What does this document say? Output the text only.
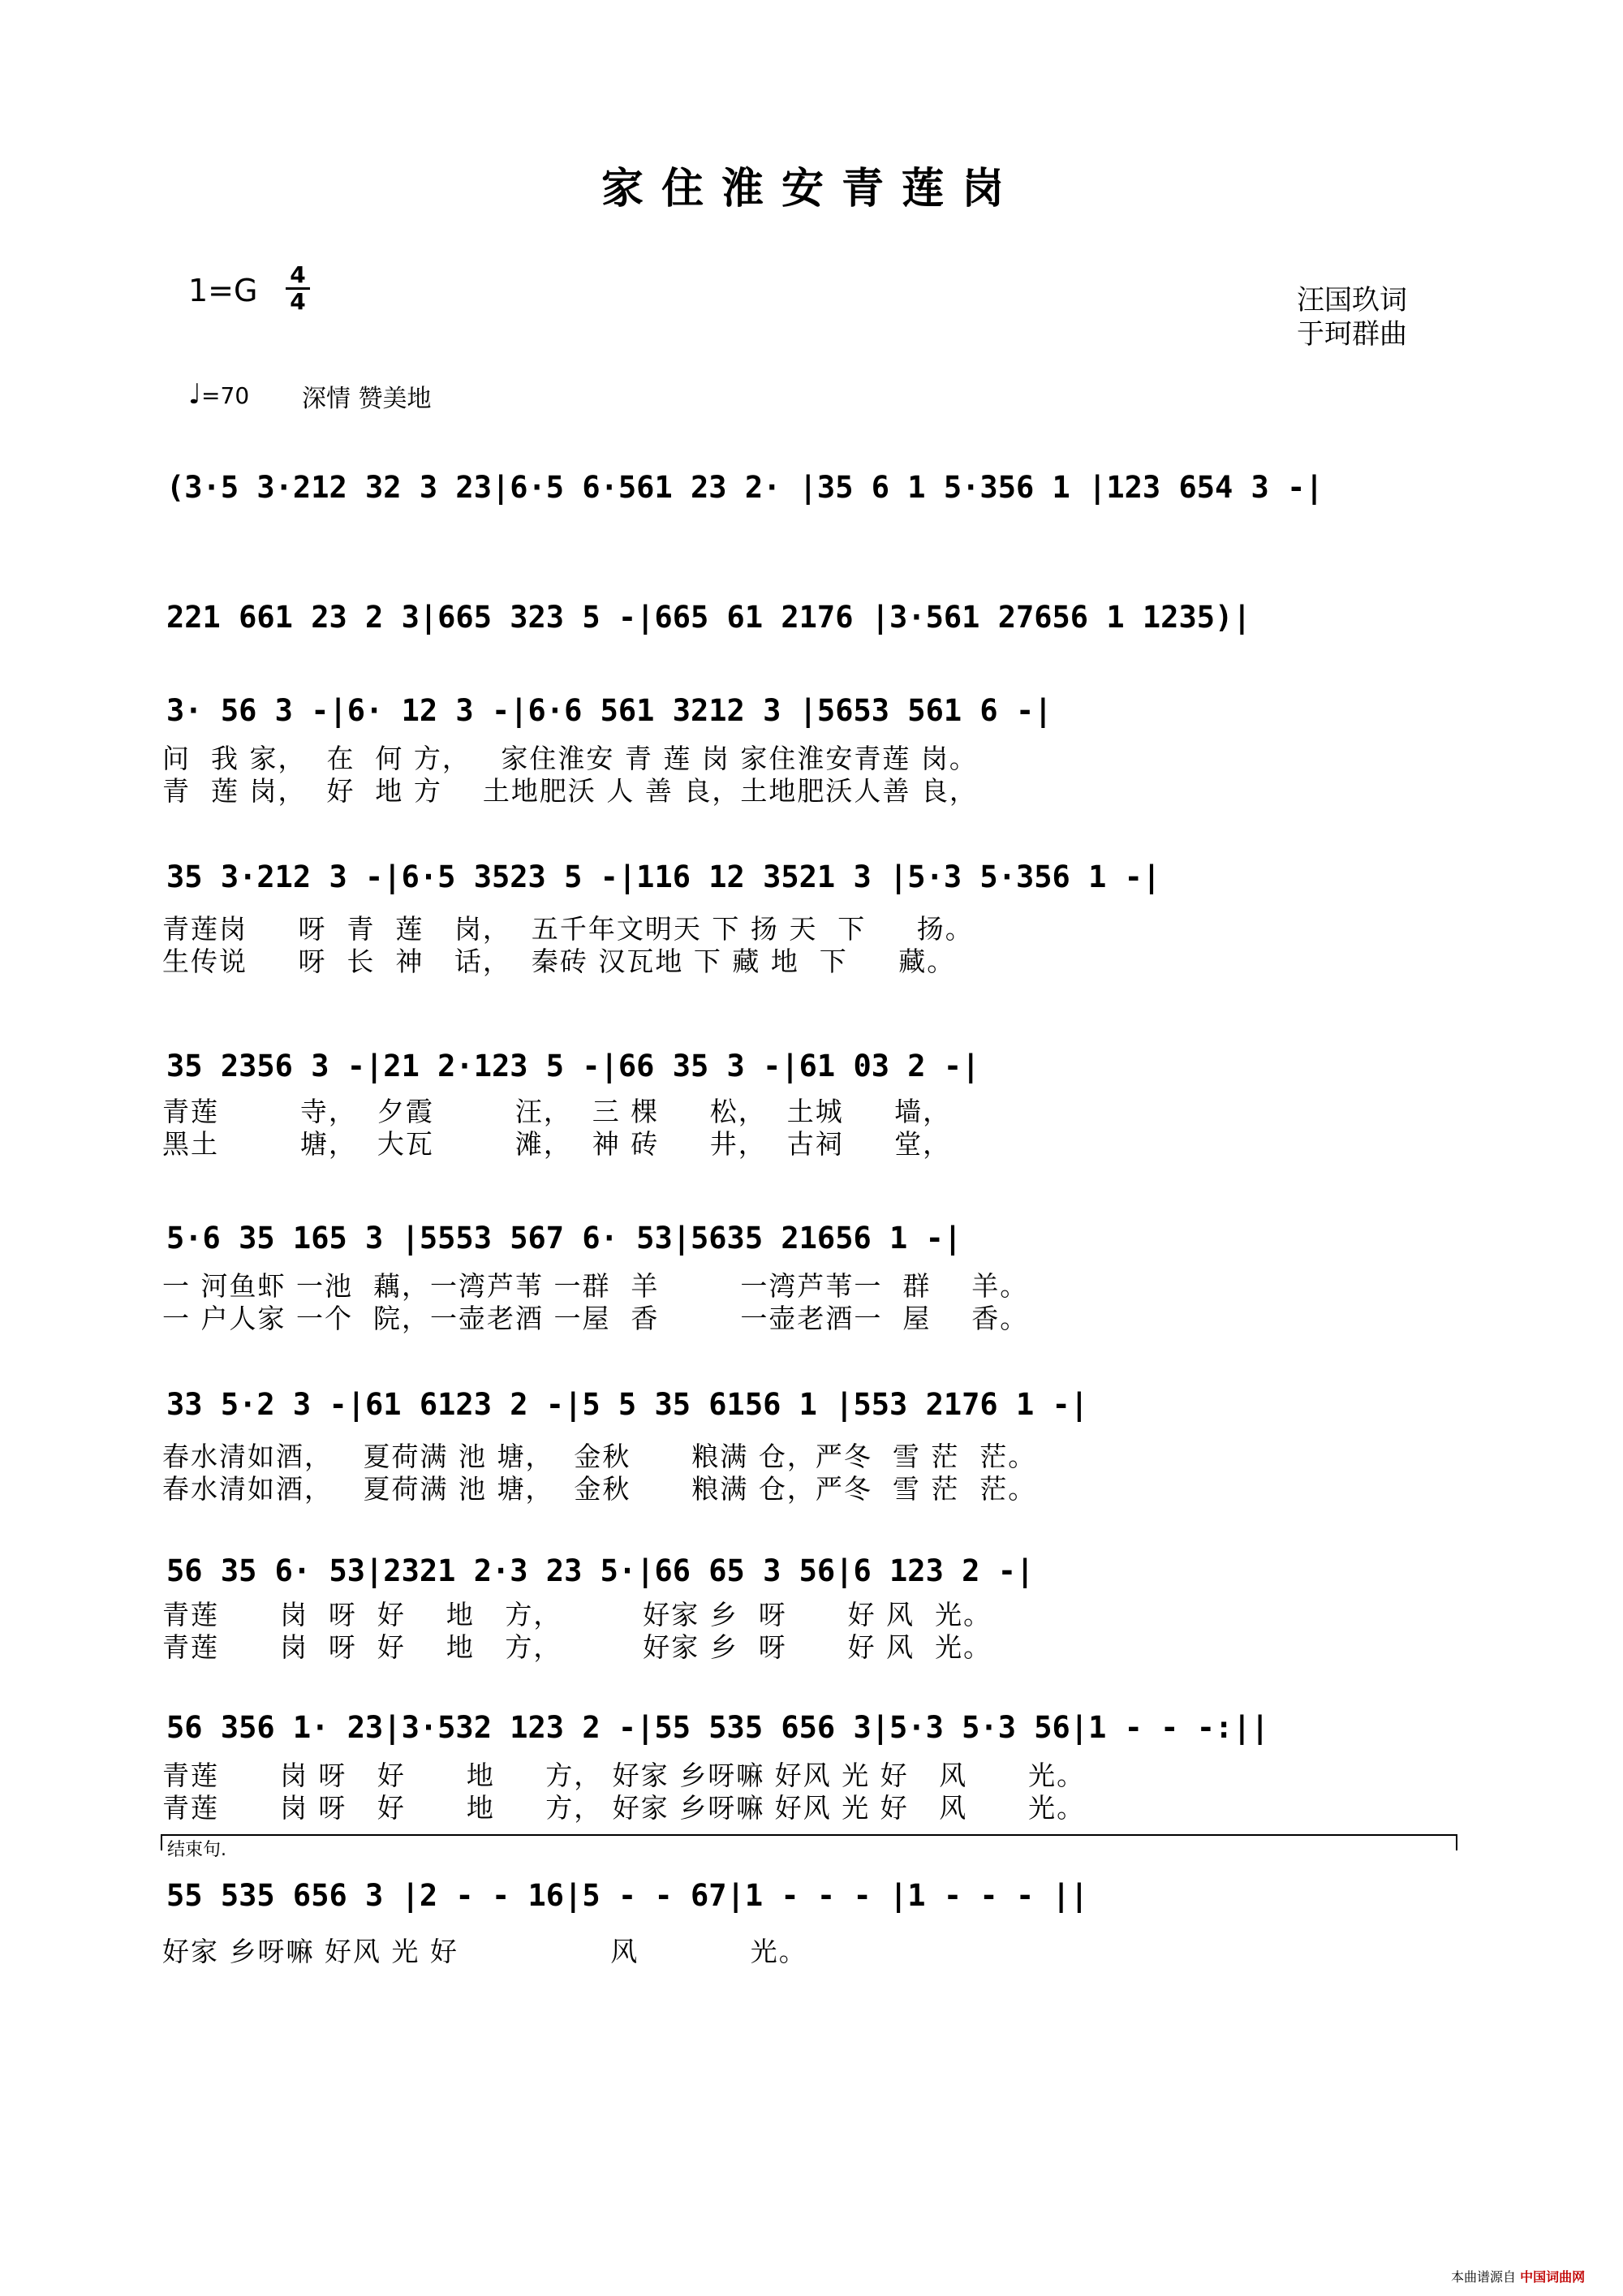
家住淮安青莲岗
1=G 4
4	汪国玖词
于珂群曲
♩=70 深情 赞美地
(3·5 3·212 32 3 23|6·5 6·561 23 2· |35 6 1 5·356 1 |123 654 3 -|
221 661 23 2 3|665 323 5 -|665 61 2176 |3·561 27656 1 1235)|
3· 56 3 -|6· 12 3 -|6·6 561 3212 3 |5653 561 6 -|
问  我 家，  在  何 方，   家住淮安 青 莲 岗 家住淮安青莲 岗。
青  莲 岗，  好  地 方    土地肥沃 人 善 良，土地肥沃人善 良，
35 3·212 3 -|6·5 3523 5 -|116 12 3521 3 |5·3 5·356 1 -|
青莲岗     呀  青  莲   岗，  五千年文明天 下 扬 天  下     扬。
生传说     呀  长  神   话，  秦砖 汉瓦地 下 藏 地  下     藏。
35 2356 3 -|21 2·123 5 -|66 35 3 -|61 03 2 -|
青莲        寺，  夕霞        汪，  三 棵     松，  土城     墙，
黑土        塘，  大瓦        滩，  神 砖     井，  古祠     堂，
5·6 35 165 3 |5553 567 6· 53|5635 21656 1 -|
一 河鱼虾 一池  藕，一湾芦苇 一群  羊        一湾芦苇一  群    羊。
一 户人家 一个  院，一壶老酒 一屋  香        一壶老酒一  屋    香。
33 5·2 3 -|61 6123 2 -|5 5 35 6156 1 |553 2176 1 -|
春水清如酒，   夏荷满 池 塘，  金秋      粮满 仓，严冬  雪 茫  茫。
春水清如酒，   夏荷满 池 塘，  金秋      粮满 仓，严冬  雪 茫  茫。
56 35 6· 53|2321 2·3 23 5·|66 65 3 56|6 123 2 -|
青莲      岗  呀  好    地   方，        好家 乡  呀      好 风  光。
青莲      岗  呀  好    地   方，        好家 乡  呀      好 风  光。
56 356 1· 23|3·532 123 2 -|55 535 656 3|5·3 5·3 56|1 - - -:||
青莲      岗 呀   好      地     方， 好家 乡呀嘛 好风 光 好   风      光。
青莲      岗 呀   好      地     方， 好家 乡呀嘛 好风 光 好   风      光。
结束句.
55 535 656 3 |2 - - 16|5 - - 67|1 - - - |1 - - - ||
好家 乡呀嘛 好风 光 好               风           光。
本曲谱源自 中国词曲网
